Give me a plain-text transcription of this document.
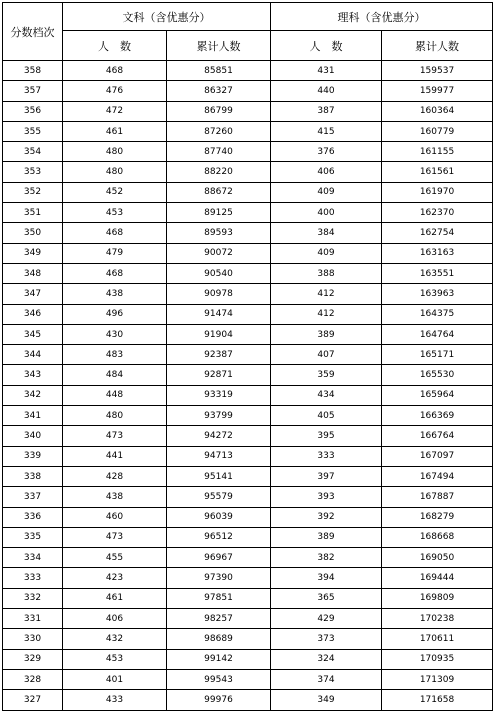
分数档次	文科（含优惠分）		理科（含优惠分）	
	人　数	累计人数	人　数	累计人数
358	468	85851	431	159537
357	476	86327	440	159977
356	472	86799	387	160364
355	461	87260	415	160779
354	480	87740	376	161155
353	480	88220	406	161561
352	452	88672	409	161970
351	453	89125	400	162370
350	468	89593	384	162754
349	479	90072	409	163163
348	468	90540	388	163551
347	438	90978	412	163963
346	496	91474	412	164375
345	430	91904	389	164764
344	483	92387	407	165171
343	484	92871	359	165530
342	448	93319	434	165964
341	480	93799	405	166369
340	473	94272	395	166764
339	441	94713	333	167097
338	428	95141	397	167494
337	438	95579	393	167887
336	460	96039	392	168279
335	473	96512	389	168668
334	455	96967	382	169050
333	423	97390	394	169444
332	461	97851	365	169809
331	406	98257	429	170238
330	432	98689	373	170611
329	453	99142	324	170935
328	401	99543	374	171309
327	433	99976	349	171658
